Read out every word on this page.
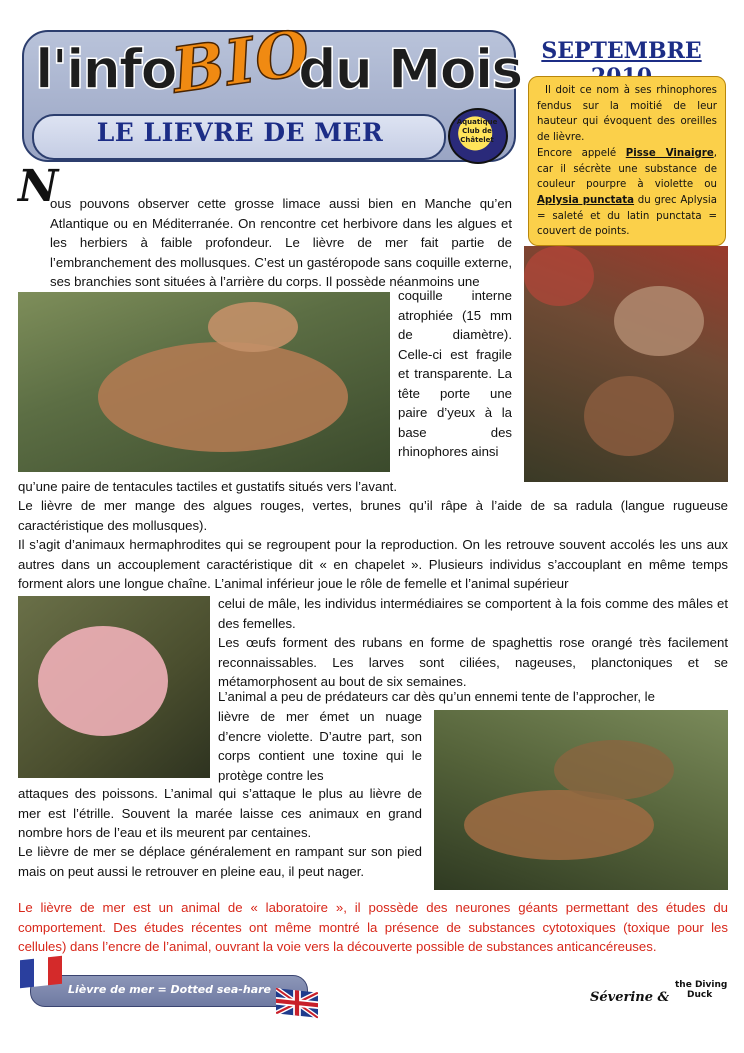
l'info
BIO
du Mois
LE LIEVRE DE MER	Aquatique Club de Châtelet
SEPTEMBRE
Il doit ce nom à ses rhinophores fendus sur la moitié de leur hauteur qui évoquent des oreilles de lièvre.
Encore appelé Pisse Vinaigre, car il sécrète une substance de couleur pourpre à violette ou Aplysia punctata du grec Aplysia = saleté et du latin punctata = couvert de points.
N
ous pouvons observer cette grosse limace aussi bien en Manche qu’en Atlantique ou en Méditerranée. On rencontre cet herbivore dans les algues et les herbiers à faible profondeur. Le lièvre de mer fait partie de l’embranchement des mollusques. C’est un gastéropode sans coquille externe, ses branchies sont situées à l’arrière du corps. Il possède néanmoins une
coquille interne atrophiée (15 mm de diamètre). Celle-ci est fragile et transparente. La tête porte une paire d’yeux à la base des rhinophores ainsi
qu’une paire de tentacules tactiles et gustatifs situés vers l’avant.
Le lièvre de mer mange des algues rouges, vertes, brunes qu’il râpe à l’aide de sa radula (langue rugueuse caractéristique des mollusques).
Il s’agit d’animaux hermaphrodites qui se regroupent pour la reproduction. On les retrouve souvent accolés les uns aux autres dans un accouplement caractéristique dit « en chapelet ». Plusieurs individus s’accouplant en même temps forment alors une longue chaîne. L’animal inférieur joue le rôle de femelle et l’animal supérieur
celui de mâle, les individus intermédiaires se comportent à la fois comme des mâles et des femelles.
Les œufs forment des rubans en forme de spaghettis rose orangé très facilement reconnaissables. Les larves sont ciliées, nageuses, planctoniques et se métamorphosent au bout de six semaines.
L’animal a peu de prédateurs car dès qu’un ennemi tente de l’approcher, le
lièvre de mer émet un nuage d’encre violette. D’autre part, son corps contient une toxine qui le protège contre les
attaques des poissons. L’animal qui s’attaque le plus au lièvre de mer est l’étrille. Souvent la marée laisse ces animaux en grand nombre hors de l’eau et ils meurent par centaines.
Le lièvre de mer se déplace généralement en rampant sur son pied mais on peut aussi le retrouver en pleine eau, il peut nager.
Le lièvre de mer est un animal de « laboratoire », il possède des neurones géants permettant des études du comportement. Des études récentes ont même montré la présence de substances cytotoxiques (toxique pour les cellules) dans l’encre de l’animal, ouvrant la voie vers la découverte possible de substances anticancéreuses.
Lièvre de mer = Dotted sea-hare
Séverine &
the Diving
Duck
